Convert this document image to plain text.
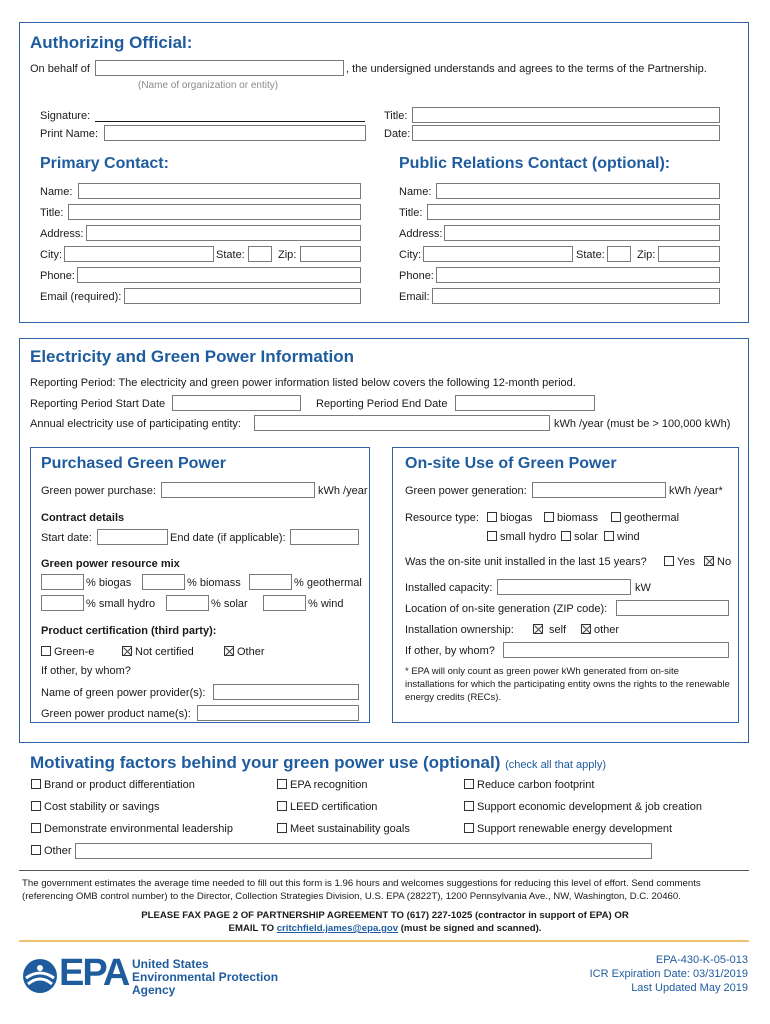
Authorizing Official:
On behalf of	, the undersigned understands and agrees to the terms of the Partnership.
(Name of organization or entity)
Signature:	Title:
Print Name:	Date:
Primary Contact:
Name:
Title:
Address:
City:	State:	Zip:
Phone:
Email (required):
Public Relations Contact (optional):
Name:
Title:
Address:
City:	State:	Zip:
Phone:
Email:
Electricity and Green Power Information
Reporting Period: The electricity and green power information listed below covers the following 12-month period.
Reporting Period Start Date	Reporting Period End Date
Annual electricity use of participating entity:	kWh /year (must be > 100,000 kWh)
Purchased Green Power
Green power purchase:	kWh /year
Contract details
Start date:	End date (if applicable):
Green power resource mix
% biogas	% biomass	% geothermal
% small hydro	% solar	% wind
Product certification (third party):
Green-e	Not certified	Other
If other, by whom?
Name of green power provider(s):
Green power product name(s):
On-site Use of Green Power
Green power generation:	kWh /year*
Resource type:	biogas	biomass	geothermal
small hydro	solar	wind
Was the on-site unit installed in the last 15 years?	Yes	No
Installed capacity:	kW
Location of on-site generation (ZIP code):
Installation ownership:	self	other
If other, by whom?
* EPA will only count as green power kWh generated from on-site installations for which the participating entity owns the rights to the renewable energy credits (RECs).
Motivating factors behind your green power use (optional) (check all that apply)
Brand or product differentiation	EPA recognition	Reduce carbon footprint
Cost stability or savings	LEED certification	Support economic development & job creation
Demonstrate environmental leadership	Meet sustainability goals	Support renewable energy development
Other
The government estimates the average time needed to fill out this form is 1.96 hours and welcomes suggestions for reducing this level of effort. Send comments (referencing OMB control number) to the Director, Collection Strategies Division, U.S. EPA (2822T), 1200 Pennsylvania Ave., NW, Washington, D.C. 20460.
PLEASE FAX PAGE 2 OF PARTNERSHIP AGREEMENT TO (617) 227-1025 (contractor in support of EPA) OR
EMAIL TO critchfield.james@epa.gov (must be signed and scanned).
EPA United States
Environmental Protection
Agency
EPA-430-K-05-013
ICR Expiration Date: 03/31/2019
Last Updated May 2019
